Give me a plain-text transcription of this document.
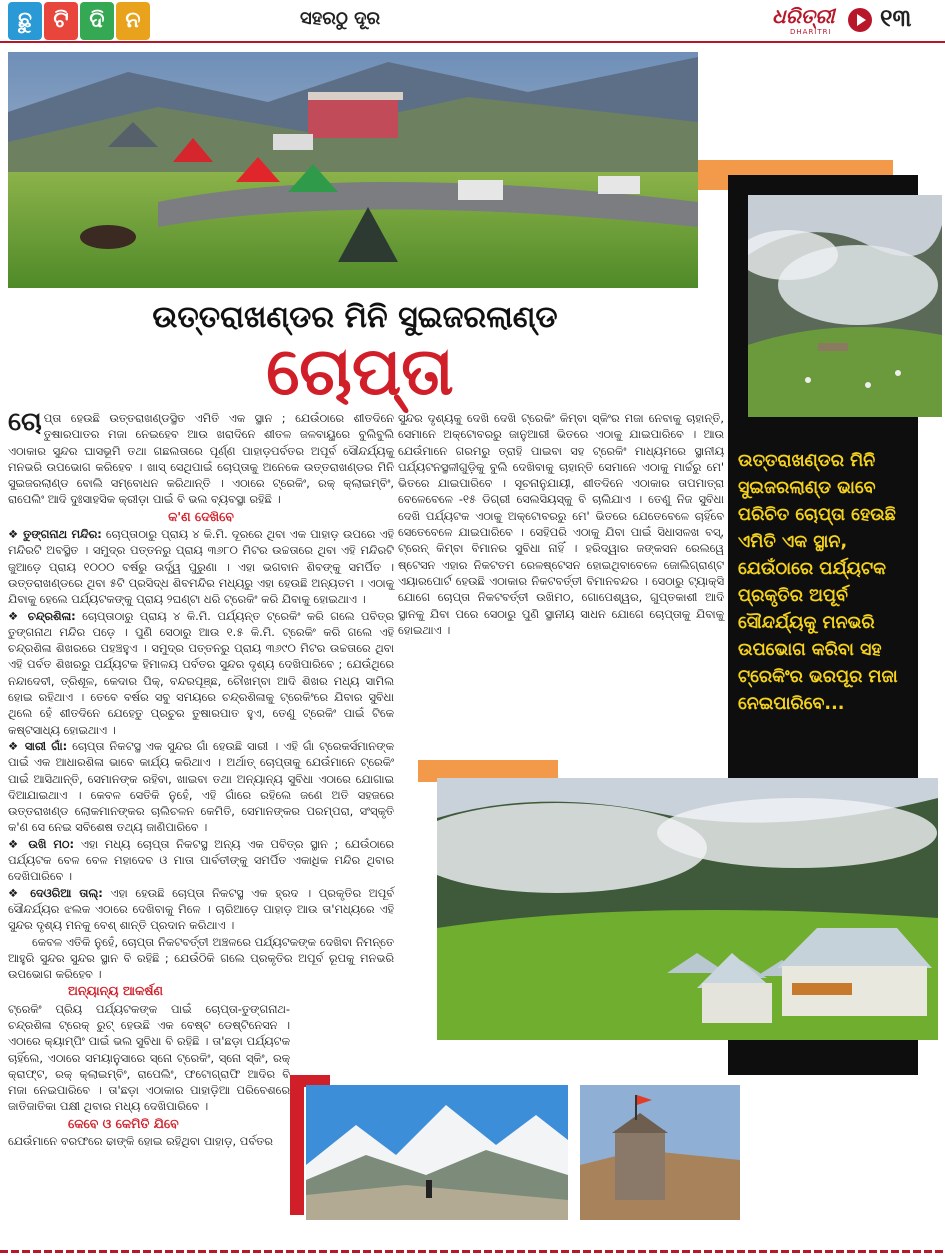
ଛୁ ଟି ଦି ନ	ସହରଠୁ ଦୂର	ଧରିତ୍ରୀ
DHARITRI ୧୩
ଉତ୍ତରାଖଣ୍ଡର ମିନି ସୁଇଜରଲାଣ୍ଡ
ଚୋପ୍ତା
ଉତ୍ତରାଖଣ୍ଡର ମିନି ସୁଇଜରଲାଣ୍ଡ ଭାବେ ପରିଚିତ ଚୋପ୍ତା ହେଉଛି ଏମିତି ଏକ ସ୍ଥାନ, ଯେଉଁଠାରେ ପର୍ଯ୍ୟଟକ ପ୍ରକୃତିର ଅପୂର୍ବ ସୌନ୍ଦର୍ଯ୍ୟକୁ ମନଭରି ଉପଭୋଗ କରିବା ସହ ଟ୍ରେକିଂର ଭରପୂର ମଜା ନେଇପାରିବେ...

ଚୋପ୍ତା ହେଉଛି ଉତ୍ତରାଖଣ୍ଡସ୍ଥିତ ଏମିତି ଏକ ସ୍ଥାନ ; ଯେଉଁଠାରେ ଶୀତଦିନେ ତୁଷାରପାତର ମଜା ନେଇହେବ ଆଉ ଖରାଦିନେ ଶୀତଳ ଜଳବାୟୁରେ ବୁଲିବୁଲି ଏଠାକାର ସୁନ୍ଦର ଘାସଭୂମି ତଥା ଗଛଲତାରେ ପୂର୍ଣ୍ଣ ପାହାଡ଼ପର୍ବତର ଅପୂର୍ବ ସୌନ୍ଦର୍ଯ୍ୟକୁ ମନଭରି ଉପଭୋଗ କରିହେବ । ଖାସ୍ ସେଥିପାଇଁ ଚୋପ୍ତାକୁ ଅନେକେ ଉତ୍ତରାଖଣ୍ଡର ମିନି ସୁଇଜରଲାଣ୍ଡ ବୋଲି ସମ୍ବୋଧନ କରିଥାନ୍ତି । ଏଠାରେ ଟ୍ରେକିଂ, ରକ୍ କ୍ଲାଇମ୍ବିଂ, ରାପେଲିଂ ଆଦି ଦୁଃସାହସିକ କ୍ରୀଡ଼ା ପାଇଁ ବି ଭଲ ବ୍ୟବସ୍ଥା ରହିଛି ।

କ'ଣ ଦେଖିବେ

❖ ତୁଙ୍ଗନାଥ ମନ୍ଦିର: ଚୋପ୍ତାଠାରୁ ପ୍ରାୟ ୪ କି.ମି. ଦୂରରେ ଥିବା ଏକ ପାହାଡ଼ ଉପରେ ଏହି ମନ୍ଦିରଟି ଅବସ୍ଥିତ । ସମୁଦ୍ର ପତ୍ତନରୁ ପ୍ରାୟ ୩୬୮୦ ମିଟର ଉଚ୍ଚତାରେ ଥିବା ଏହି ମନ୍ଦିରଟି ଜୁଆଡ଼େ ପ୍ରାୟ ୧୦୦୦ ବର୍ଷରୁ ଉର୍ଦ୍ଧ୍ୱ ପୁରୁଣା । ଏହା ଭଗବାନ ଶିବଙ୍କୁ ସମର୍ପିତ । ଉତ୍ତରାଖଣ୍ଡରେ ଥିବା ୫ଟି ପ୍ରସିଦ୍ଧ ଶିବମନ୍ଦିର ମଧ୍ୟରୁ ଏହା ହେଉଛି ଅନ୍ୟତମ । ଏଠାକୁ ଯିବାକୁ ହେଲେ ପର୍ଯ୍ୟଟକଙ୍କୁ ପ୍ରାୟ ୨ଘଣ୍ଟା ଧରି ଟ୍ରେକିଂ କରି ଯିବାକୁ ହୋଇଥାଏ ।

❖ ଚନ୍ଦ୍ରଶିଳା: ଚୋପ୍ତାଠାରୁ ପ୍ରାୟ ୪ କି.ମି. ପର୍ଯ୍ୟନ୍ତ ଟ୍ରେକିଂ କରି ଗଲେ ପବିତ୍ର ତୁଙ୍ଗନାଥ ମନ୍ଦିର ପଡ଼େ । ପୁଣି ସେଠାରୁ ଆଉ ୧.୫ କି.ମି. ଟ୍ରେକିଂ କରି ଗଲେ ଏହି ଚନ୍ଦ୍ରଶିଳା ଶିଖରରେ ପହଞ୍ଚହୁଏ । ସମୁଦ୍ର ପତ୍ତନରୁ ପ୍ରାୟ ୩୬୯୦ ମିଟର ଉଚ୍ଚତାରେ ଥିବା ଏହି ପର୍ବତ ଶିଖରରୁ ପର୍ଯ୍ୟଟକ ହିମାଳୟ ପର୍ବତର ସୁନ୍ଦର ଦୃଶ୍ୟ ଦେଖିପାରିବେ ; ଯେଉଁଥିରେ ନନ୍ଦାଦେବୀ, ତ୍ରିଶୂଳ, କେଦାର ପିକ୍, ବନ୍ଦରପୂଞ୍ଛ, ଚୌଖମ୍ବା ଆଦି ଶିଖର ମଧ୍ୟ ସାମିଲ ହୋଇ ରହିଥାଏ । ତେବେ ବର୍ଷର ସବୁ ସମୟରେ ଚନ୍ଦ୍ରଶିଳାକୁ ଟ୍ରେକିଂରେ ଯିବାର ସୁବିଧା ଥିଲେ ହେଁ ଶୀତଦିନେ ଯେହେତୁ ପ୍ରଚୁର ତୁଷାରପାତ ହୁଏ, ତେଣୁ ଟ୍ରେକିଂ ପାଇଁ ଟିକେ କଷ୍ଟସାଧ୍ୟ ହୋଇଥାଏ ।

❖ ସାରୀ ଗାଁ: ଚୋପ୍ତା ନିକଟସ୍ଥ ଏକ ସୁନ୍ଦର ଗାଁ ହେଉଛି ସାରୀ । ଏହି ଗାଁ ଟ୍ରେକର୍ସମାନଙ୍କ ପାଇଁ ଏକ ଆଧାରଶିଳା ଭାବେ କାର୍ଯ୍ୟ କରିଥାଏ । ଅର୍ଥାତ୍ ଚୋପ୍ତାକୁ ଯେଉଁମାନେ ଟ୍ରେକିଂ ପାଇଁ ଆସିଥାନ୍ତି, ସେମାନଙ୍କ ରହିବା, ଖାଇବା ତଥା ଅନ୍ୟାନ୍ୟ ସୁବିଧା ଏଠାରେ ଯୋଗାଇ ଦିଆଯାଇଥାଏ । କେବଳ ସେତିକି ନୁହେଁ, ଏହି ଗାଁରେ ରହିଲେ ଜଣେ ଅତି ସହଜରେ ଉତ୍ତରାଖଣ୍ଡ ଲୋକମାନଙ୍କର ଚାଲିଚଳନ କେମିତି, ସେମାନଙ୍କର ପରମ୍ପରା, ସଂସ୍କୃତି କ'ଣ ସେ ନେଇ ସବିଶେଷ ତଥ୍ୟ ଜାଣିପାରିବେ ।

❖ ଉଖି ମଠ: ଏହା ମଧ୍ୟ ଚୋପ୍ତା ନିକଟସ୍ଥ ଅନ୍ୟ ଏକ ପବିତ୍ର ସ୍ଥାନ ; ଯେଉଁଠାରେ ପର୍ଯ୍ୟଟକ ବେଳ ବେଳ ମହାଦେବ ଓ ମାତା ପାର୍ବତୀଙ୍କୁ ସମର୍ପିତ ଏକାଧିକ ମନ୍ଦିର ଥିବାର ଦେଖିପାରିବେ ।

❖ ଦେଓରିଆ ତାଲ୍: ଏହା ହେଉଛି ଚୋପ୍ତା ନିକଟସ୍ଥ ଏକ ହ୍ରଦ । ପ୍ରକୃତିର ଅପୂର୍ବ ସୌନ୍ଦର୍ଯ୍ୟର ଝଲକ ଏଠାରେ ଦେଖିବାକୁ ମିଳେ । ଚାରିଆଡ଼େ ପାହାଡ଼ ଆଉ ତା'ମଧ୍ୟରେ ଏହି ସୁନ୍ଦର ଦୃଶ୍ୟ ମନକୁ ବେଶ୍ ଶାନ୍ତି ପ୍ରଦାନ କରିଥାଏ ।

କେବଳ ଏତିକି ନୁହେଁ, ଚୋପ୍ତା ନିକଟବର୍ତ୍ତୀ ଅଞ୍ଚଳରେ ପର୍ଯ୍ୟଟକଙ୍କ ଦେଖିବା ନିମନ୍ତେ ଆହୁରି ସୁନ୍ଦର ସୁନ୍ଦର ସ୍ଥାନ ବି ରହିଛି ; ଯେଉଁଠିକି ଗଲେ ପ୍ରକୃତିର ଅପୂର୍ବ ରୂପକୁ ମନଭରି ଉପଭୋଗ କରିହେବ ।

ଅନ୍ୟାନ୍ୟ ଆକର୍ଷଣ

ଟ୍ରେକିଂ ପ୍ରିୟ ପର୍ଯ୍ୟଟକଙ୍କ ପାଇଁ ଚୋପ୍ତା-ତୁଙ୍ଗନାଥ-ଚନ୍ଦ୍ରଶିଳା ଟ୍ରେକ୍ ରୁଟ୍ ହେଉଛି ଏକ ବେଷ୍ଟ ଡେଷ୍ଟିନେସନ । ଏଠାରେ କ୍ୟାମ୍ପିଂ ପାଇଁ ଭଲ ସୁବିଧା ବି ରହିଛି । ତା'ଛଡ଼ା ପର୍ଯ୍ୟଟକ ଚାହିଁଲେ, ଏଠାରେ ସମୟାନୁସାରେ ସ୍ନୋ ଟ୍ରେକିଂ, ସ୍ନୋ ସ୍କିଂ, ରକ୍ କ୍ରାଫ୍ଟ, ରକ୍ କ୍ଲାଇମ୍ବିଂ, ରାପେଲିଂ, ଫଟୋଗ୍ରାଫି ଆଦିର ବି ମଜା ନେଇପାରିବେ । ତା'ଛଡ଼ା ଏଠାକାର ପାହାଡ଼ିଆ ପରିବେଶରେ ଜାତିଜାତିକା ପକ୍ଷୀ ଥିବାର ମଧ୍ୟ ଦେଖିପାରିବେ ।

କେବେ ଓ କେମିତି ଯିବେ

ଯେଉଁମାନେ ବରଫରେ ଢାଙ୍କି ହୋଇ ରହିଥିବା ପାହାଡ଼, ପର୍ବତର

ସୁନ୍ଦର ଦୃଶ୍ୟକୁ ଦେଖି ଦେଖି ଟ୍ରେକିଂ କିମ୍ବା ସ୍କିଂର ମଜା ନେବାକୁ ଚାହାନ୍ତି, ସେମାନେ ଅକ୍ଟୋବରରୁ ଜାନୁଆରୀ ଭିତରେ ଏଠାକୁ ଯାଇପାରିବେ । ଆଉ ଯେଉଁମାନେ ଗରମରୁ ତ୍ରାହି ପାଇବା ସହ ଟ୍ରେକିଂ ମାଧ୍ୟମରେ ସ୍ଥାନୀୟ ପର୍ଯ୍ୟଟନସ୍ଥଳୀଗୁଡ଼ିକୁ ବୁଲି ଦେଖିବାକୁ ଚାହାନ୍ତି ସେମାନେ ଏଠାକୁ ମାର୍ଚ୍ଚରୁ ମେ' ଭିତରେ ଯାଇପାରିବେ । ସୂଚନାନୁଯାୟୀ, ଶୀତଦିନେ ଏଠାକାର ତାପମାତ୍ରା ବେଳେବେଳେ -୧୫ ଡିଗ୍ରୀ ସେଲସିୟସ୍‌କୁ ବି ଚାଲିଯାଏ । ତେଣୁ ନିଜ ସୁବିଧା ଦେଖି ପର୍ଯ୍ୟଟକ ଏଠାକୁ ଅକ୍ଟୋବରରୁ ମେ' ଭିତରେ ଯେତେବେଳେ ଚାହିଁବେ ସେତେବେଳେ ଯାଇପାରିବେ । ସେହିପରି ଏଠାକୁ ଯିବା ପାଇଁ ସିଧାସଳଖ ବସ୍, ଟ୍ରେନ୍ କିମ୍ବା ବିମାନର ସୁବିଧା ନାହିଁ । ହରିଦ୍ୱାର ଜଙ୍କସନ ରେଲୱେ ଷ୍ଟେସନ ଏହାର ନିକଟତମ ରେଳଷ୍ଟେସନ ହୋଇଥିବାବେଳେ ଜୋଲିଗ୍ରାଣ୍ଟ ଏୟାରପୋର୍ଟ ହେଉଛି ଏଠାକାର ନିକଟବର୍ତ୍ତୀ ବିମାନବନ୍ଦର । ସେଠାରୁ ଟ୍ୟାକ୍ସି ଯୋଗେ ଚୋପ୍ତା ନିକଟବର୍ତ୍ତୀ ଉଖିମଠ, ଗୋପେଶ୍ୱର, ଗୁପ୍ତକାଶୀ ଆଦି ସ୍ଥାନକୁ ଯିବା ପରେ ସେଠାରୁ ପୁଣି ସ୍ଥାନୀୟ ସାଧନ ଯୋଗେ ଚୋପ୍ତାକୁ ଯିବାକୁ ହୋଇଥାଏ ।
